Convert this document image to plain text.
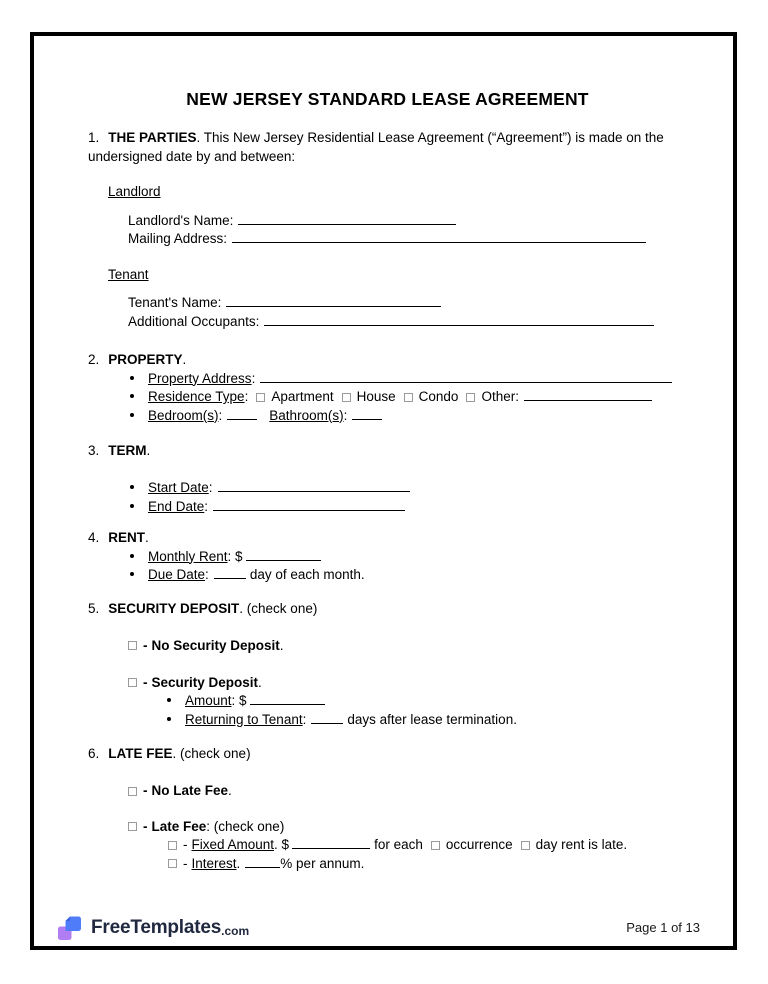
NEW JERSEY STANDARD LEASE AGREEMENT

1. THE PARTIES. This New Jersey Residential Lease Agreement (“Agreement”) is made on the undersigned date by and between:

Landlord
Landlord's Name:
Mailing Address:
Tenant
Tenant's Name:
Additional Occupants:
2. PROPERTY.
Property Address:
Residence Type: Apartment House Condo Other:
Bedroom(s):	Bathroom(s):
3. TERM.
Start Date:
End Date:
4. RENT.
Monthly Rent: $
Due Date:	day of each month.
5. SECURITY DEPOSIT. (check one)
- No Security Deposit.
- Security Deposit.
Amount: $
Returning to Tenant:	days after lease termination.
6. LATE FEE. (check one)
- No Late Fee.
- Late Fee: (check one)
- Fixed Amount. $	for each occurrence day rent is late.
- Interest.	% per annum.
FreeTemplates .com	Page 1 of 13
